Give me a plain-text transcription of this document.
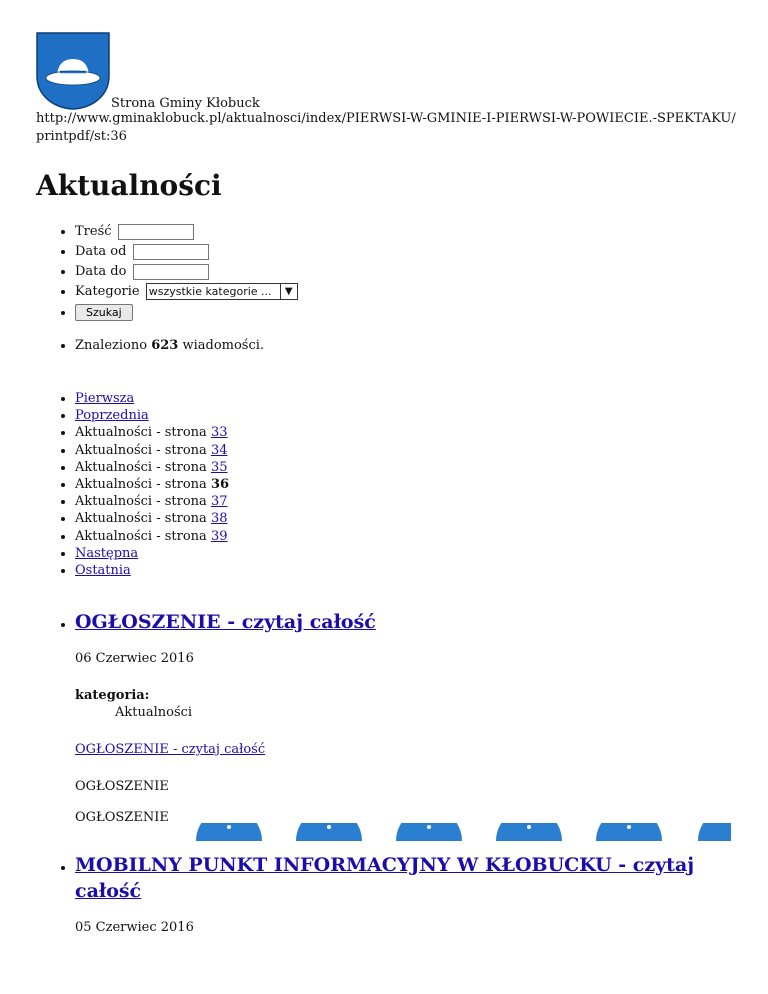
Strona Gminy Kłobuck
http://www.gminaklobuck.pl/aktualnosci/index/PIERWSI-W-GMINIE-I-PIERWSI-W-POWIECIE.-SPEKTAKU/printpdf/st:36
Aktualności
• Treść
• Data od
• Data do
• Kategorie wszystkie kategorie ...	▼
• Szukaj
• Znaleziono 623 wiadomości.
• Pierwsza
• Poprzednia
• Aktualności - strona 33
• Aktualności - strona 34
• Aktualności - strona 35
• Aktualności - strona 36
• Aktualności - strona 37
• Aktualności - strona 38
• Aktualności - strona 39
• Następna
• Ostatnia
• OGŁOSZENIE - czytaj całość
06 Czerwiec 2016
kategoria:
Aktualności
OGŁOSZENIE - czytaj całość

OGŁOSZENIE

OGŁOSZENIE

• MOBILNY PUNKT INFORMACYJNY W KŁOBUCKU - czytaj całość
05 Czerwiec 2016
